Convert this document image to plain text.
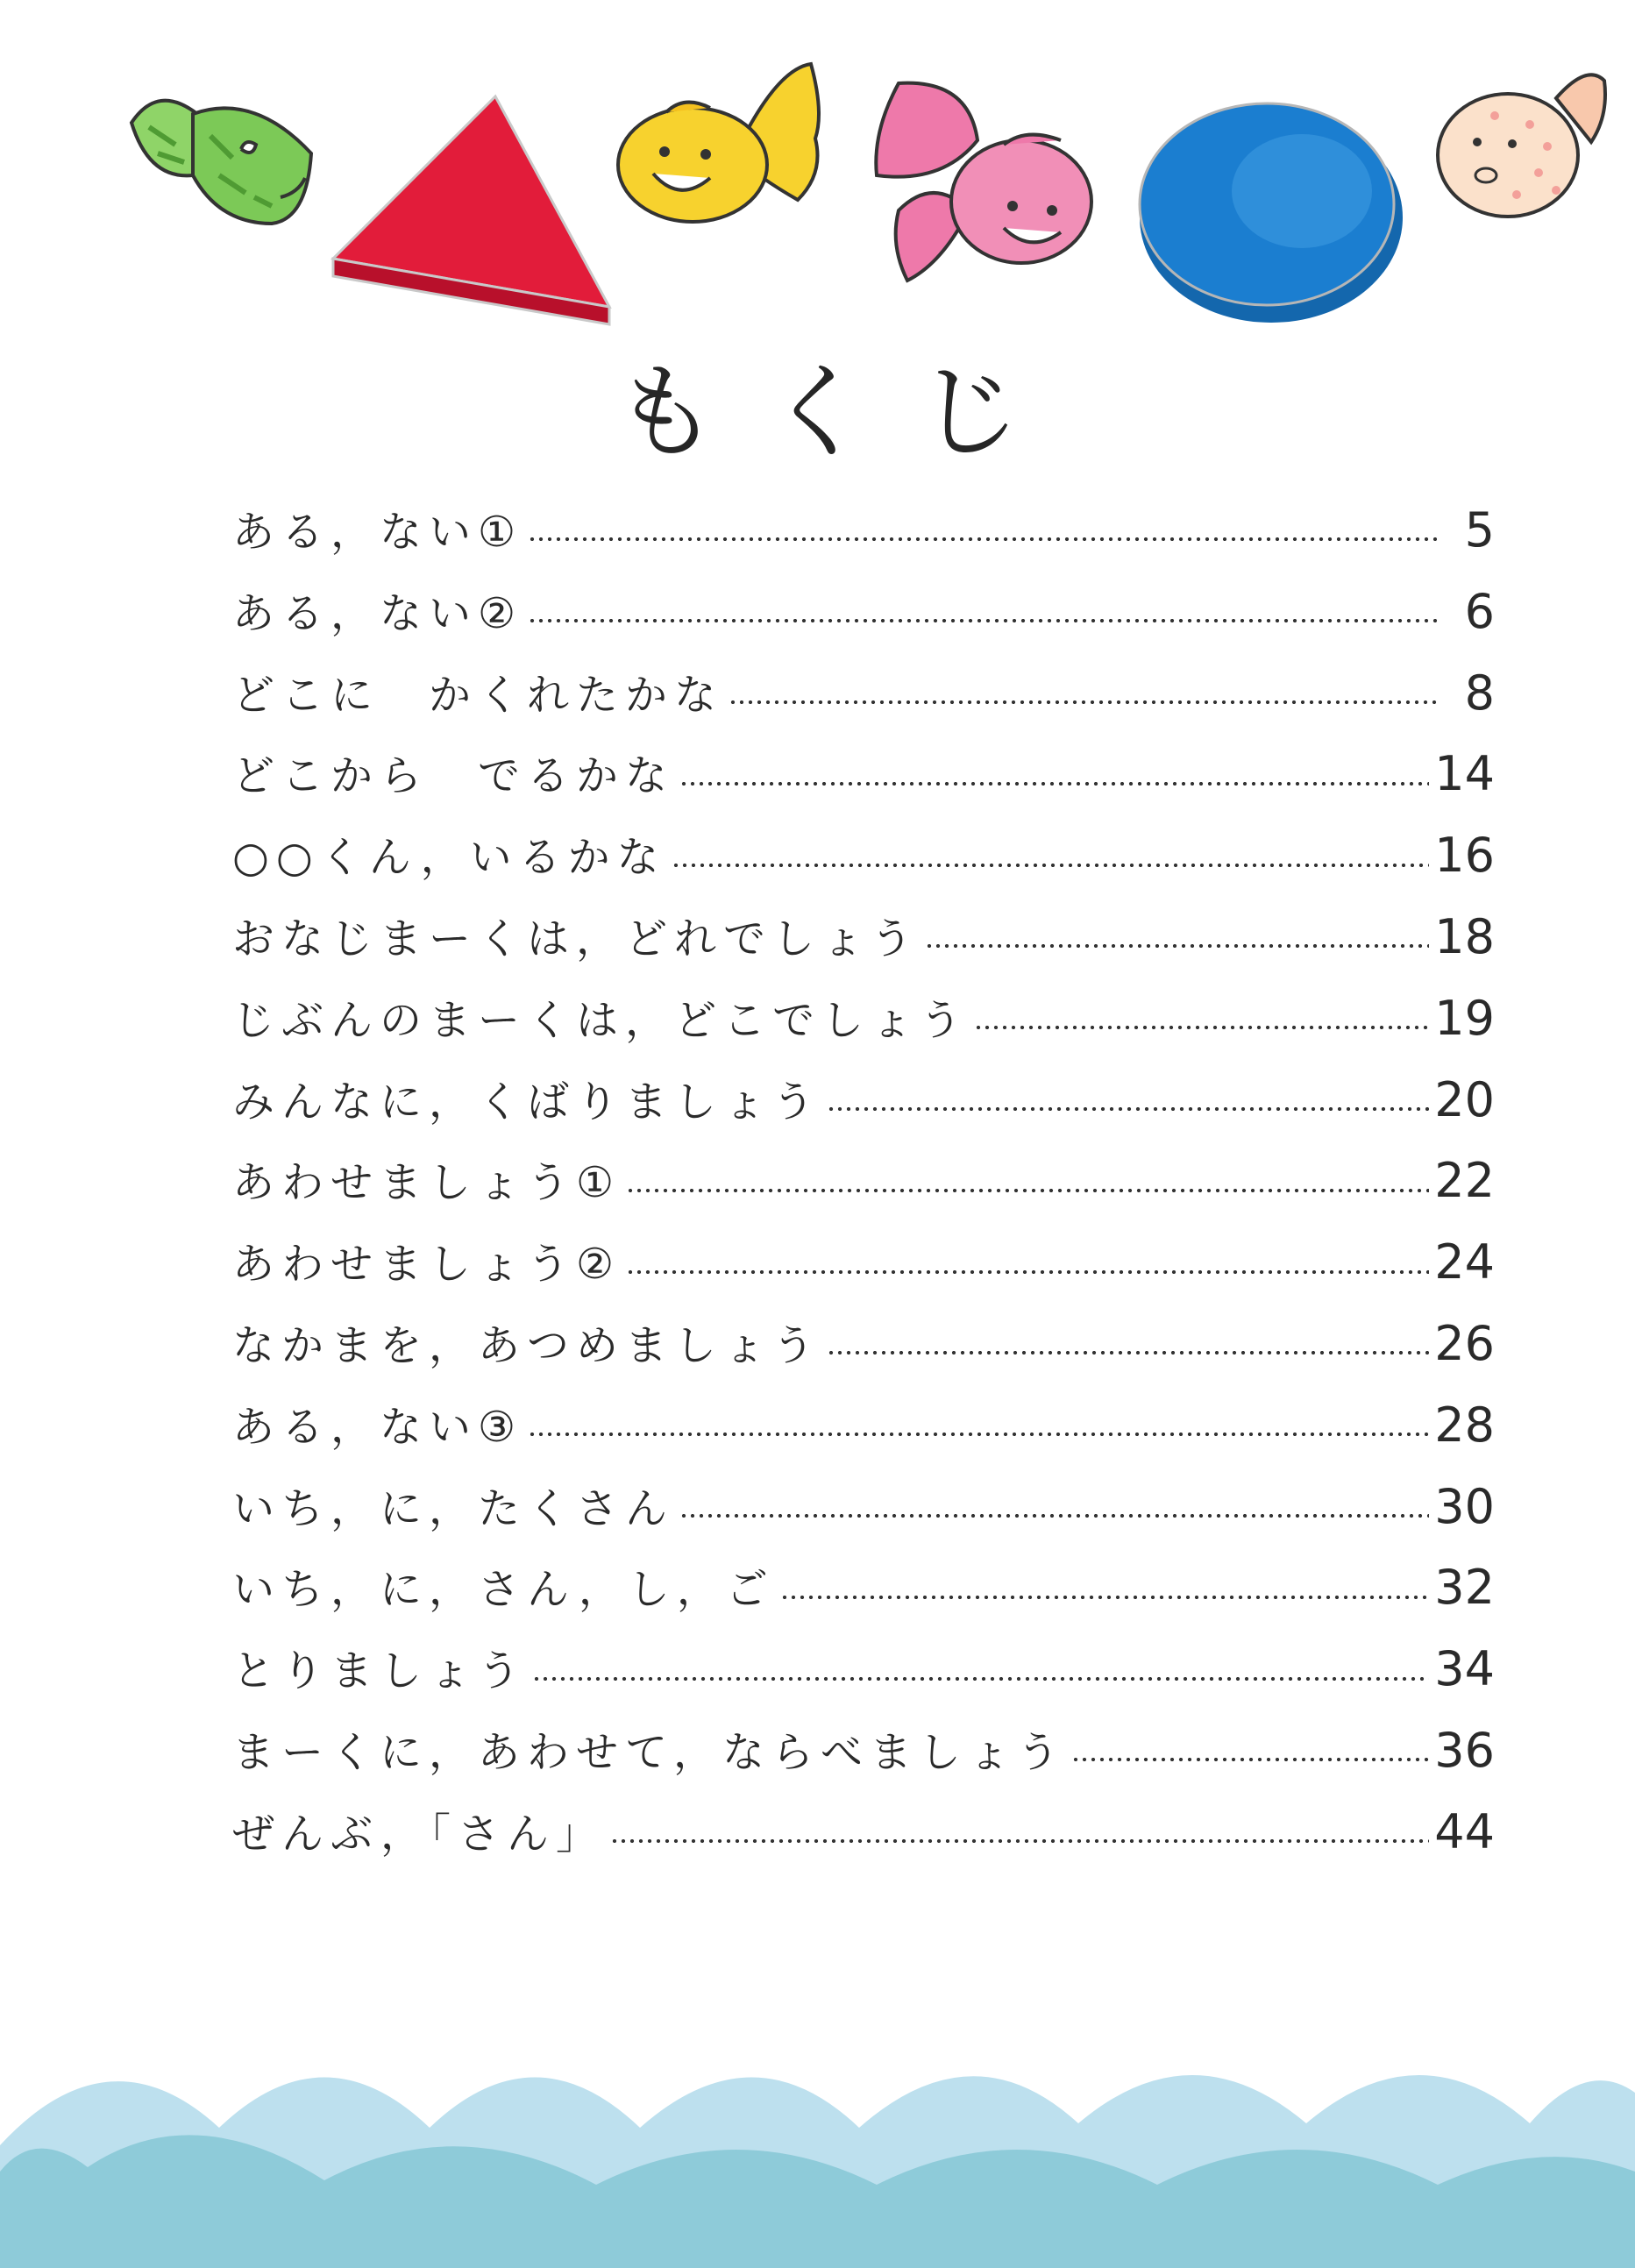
もくじ
ある，ない①	5
ある，ない②	6
どこに　かくれたかな	8
どこから　でるかな	14
○○くん，いるかな	16
おなじまーくは，どれでしょう	18
じぶんのまーくは，どこでしょう	19
みんなに，くばりましょう	20
あわせましょう①	22
あわせましょう②	24
なかまを，あつめましょう	26
ある，ない③	28
いち，に，たくさん	30
いち，に，さん，し，ご	32
とりましょう	34
まーくに，あわせて，ならべましょう	36
ぜんぶ，「さん」	44
